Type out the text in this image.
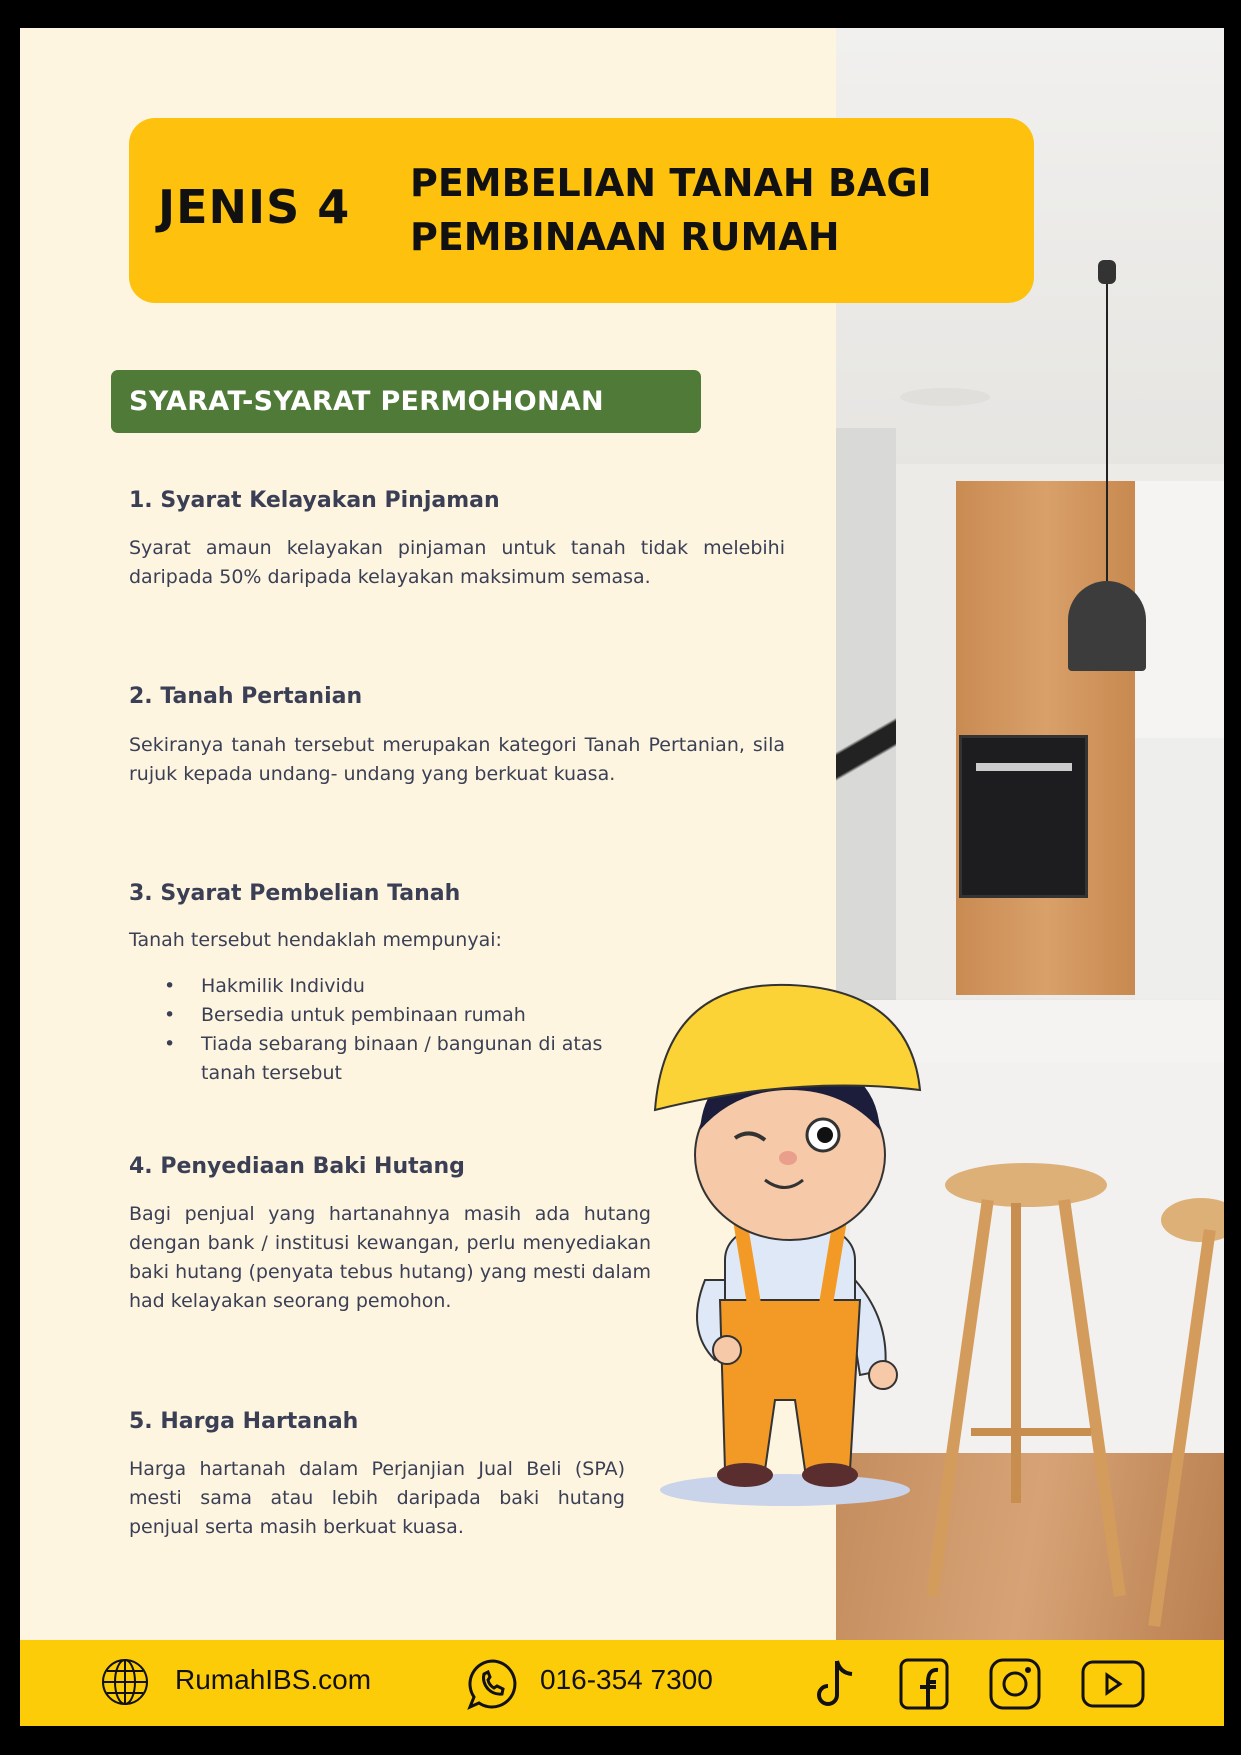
JENIS 4 PEMBELIAN TANAH BAGI
PEMBINAAN RUMAH
SYARAT-SYARAT PERMOHONAN
1. Syarat Kelayakan Pinjaman
Syarat amaun kelayakan pinjaman untuk tanah tidak melebihi daripada 50% daripada kelayakan maksimum semasa.
2. Tanah Pertanian
Sekiranya tanah tersebut merupakan kategori Tanah Pertanian, sila rujuk kepada undang- undang yang berkuat kuasa.
3. Syarat Pembelian Tanah
Tanah tersebut hendaklah mempunyai:
• Hakmilik Individu
• Bersedia untuk pembinaan rumah
• Tiada sebarang binaan / bangunan di atas tanah tersebut
4. Penyediaan Baki Hutang
Bagi penjual yang hartanahnya masih ada hutang dengan bank / institusi kewangan, perlu menyediakan baki hutang (penyata tebus hutang) yang mesti dalam had kelayakan seorang pemohon.
5. Harga Hartanah
Harga hartanah dalam Perjanjian Jual Beli (SPA) mesti sama atau lebih daripada baki hutang penjual serta masih berkuat kuasa.
RumahIBS.com	016-354 7300
